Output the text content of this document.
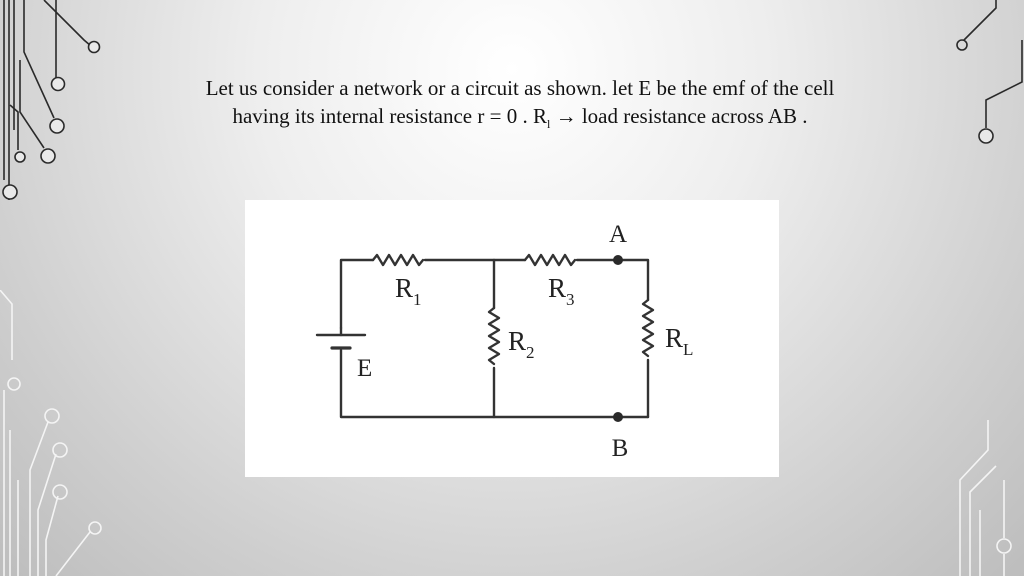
Let us consider a network or a circuit as shown. let E be the emf of the cell
having its internal resistance r = 0 . $R_l$ → load resistance across AB .
A
B
E
$R_1$	$R_3$
$R_2$	$R_L$
